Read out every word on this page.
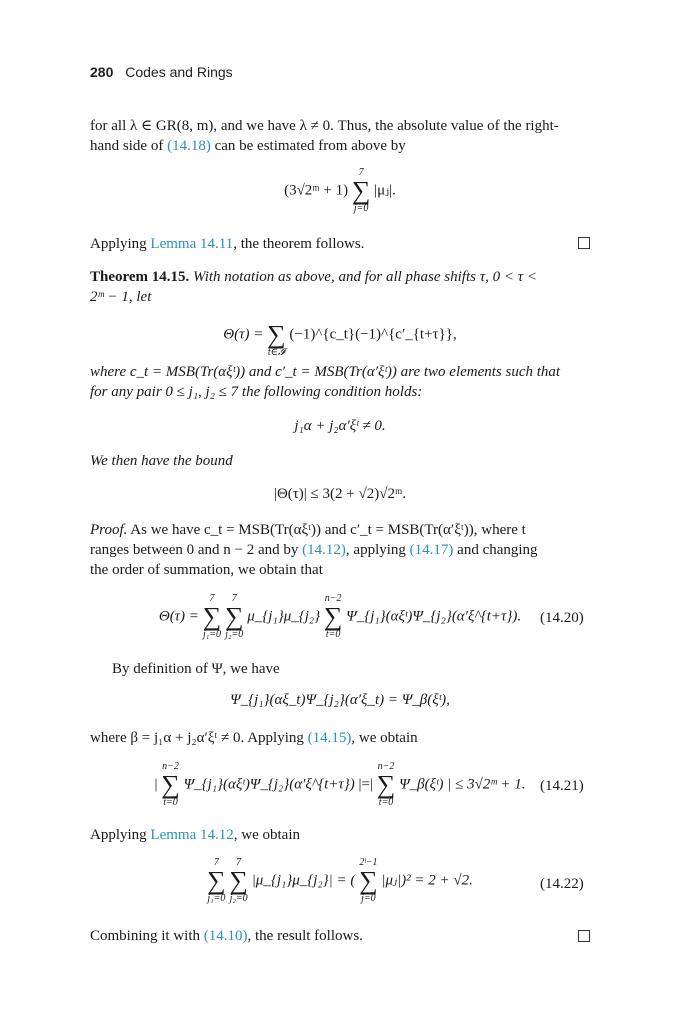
280 Codes and Rings
for all λ ∈ GR(8, m), and we have λ ≠ 0. Thus, the absolute value of the right-
hand side of (14.18) can be estimated from above by
(3√2ᵐ + 1)
7
∑
j=0
|μⱼ|.
Applying Lemma 14.11, the theorem follows.
Theorem 14.15. With notation as above, and for all phase shifts τ, 0 < τ <
2ᵐ − 1, let
Θ(τ) =
∑
t∈𝓘
(−1)^{c_t}(−1)^{c′_{t+τ}},
where c_t = MSB(Tr(αξᵗ)) and c′_t = MSB(Tr(α′ξᵗ)) are two elements such that
for any pair 0 ≤ j₁, j₂ ≤ 7 the following condition holds:
j₁α + j₂α′ξᵗ ≠ 0.
We then have the bound
|Θ(τ)| ≤ 3(2 + √2)√2ᵐ.
Proof. As we have c_t = MSB(Tr(αξᵗ)) and c′_t = MSB(Tr(α′ξᵗ)), where t
ranges between 0 and n − 2 and by (14.12), applying (14.17) and changing
the order of summation, we obtain that
Θ(τ) =
7
∑
j₁=0

7
∑
j₂=0
μ_{j₁}μ_{j₂}
n−2
∑
t=0
Ψ_{j₁}(αξᵗ)Ψ_{j₂}(α′ξ^{t+τ}).	(14.20)
By definition of Ψ, we have
Ψ_{j₁}(αξ_t)Ψ_{j₂}(α′ξ_t) = Ψ_β(ξᵗ),
where β = j₁α + j₂α′ξᵗ ≠ 0. Applying (14.15), we obtain
|
n−2
∑
t=0
Ψ_{j₁}(αξᵗ)Ψ_{j₂}(α′ξ^{t+τ}) |=|
n−2
∑
t=0
Ψ_β(ξᵗ) | ≤ 3√2ᵐ + 1. (14.21)
Applying Lemma 14.12, we obtain
7
∑
j₁=0

7
∑
j₂=0
|μ_{j₁}μ_{j₂}| = (
2ˡ−1
∑
j=0
|μⱼ|)² = 2 + √2.	(14.22)
Combining it with (14.10), the result follows.
